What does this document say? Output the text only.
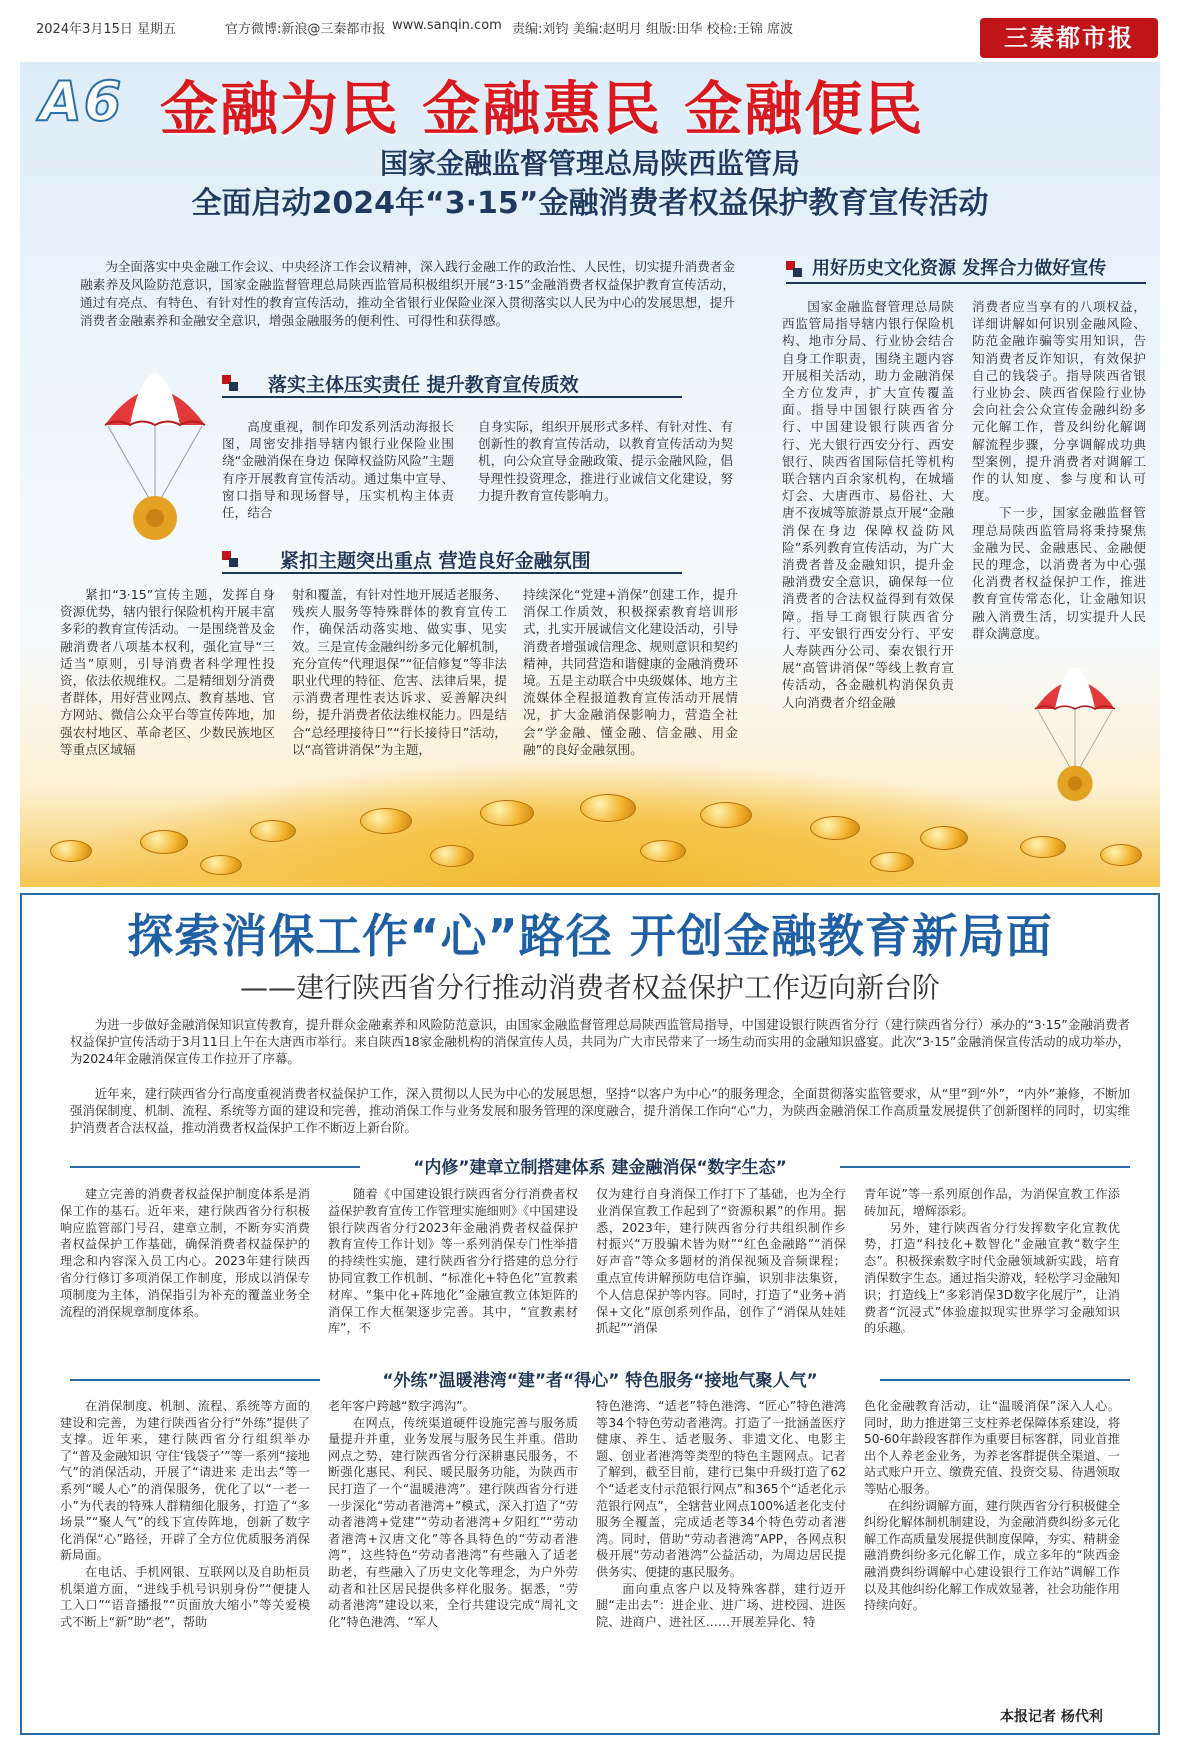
2024年3月15日 星期五	官方微博:新浪@三秦都市报 www.sanqin.com 责编:刘钧 美编:赵明月 组版:田华 校检:王锦 席波	三秦都市报
A6 金融为民 金融惠民 金融便民
国家金融监督管理总局陕西监管局
全面启动2024年“3·15”金融消费者权益保护教育宣传活动
为全面落实中央金融工作会议、中央经济工作会议精神，深入践行金融工作的政治性、人民性，切实提升消费者金融素养及风险防范意识，国家金融监督管理总局陕西监管局积极组织开展“3·15”金融消费者权益保护教育宣传活动，通过有亮点、有特色、有针对性的教育宣传活动，推动全省银行业保险业深入贯彻落实以人民为中心的发展思想，提升消费者金融素养和金融安全意识，增强金融服务的便利性、可得性和获得感。
落实主体压实责任 提升教育宣传质效
高度重视，制作印发系列活动海报长图，周密安排指导辖内银行业保险业围绕“金融消保在身边 保障权益防风险”主题有序开展教育宣传活动。通过集中宣导、窗口指导和现场督导，压实机构主体责任，结合
自身实际，组织开展形式多样、有针对性、有创新性的教育宣传活动，以教育宣传活动为契机，向公众宣导金融政策、提示金融风险，倡导理性投资理念，推进行业诚信文化建设，努力提升教育宣传影响力。
紧扣主题突出重点 营造良好金融氛围
紧扣“3·15”宣传主题，发挥自身资源优势，辖内银行保险机构开展丰富多彩的教育宣传活动。一是围绕普及金融消费者八项基本权利，强化宣导“三适当”原则，引导消费者科学理性投资，依法依规维权。二是精细划分消费者群体，用好营业网点、教育基地、官方网站、微信公众平台等宣传阵地，加强农村地区、革命老区、少数民族地区等重点区域辐
射和覆盖，有针对性地开展适老服务、残疾人服务等特殊群体的教育宣传工作，确保活动落实地、做实事、见实效。三是宣传金融纠纷多元化解机制，充分宣传“代理退保”“征信修复”等非法职业代理的特征、危害、法律后果，提示消费者理性表达诉求、妥善解决纠纷，提升消费者依法维权能力。四是结合“总经理接待日”“行长接待日”活动，以“高管讲消保”为主题，
持续深化“党建+消保”创建工作，提升消保工作质效，积极探索教育培训形式，扎实开展诚信文化建设活动，引导消费者增强诚信理念、规则意识和契约精神，共同营造和谐健康的金融消费环境。五是主动联合中央级媒体、地方主流媒体全程报道教育宣传活动开展情况，扩大金融消保影响力，营造全社会“学金融、懂金融、信金融、用金融”的良好金融氛围。
用好历史文化资源 发挥合力做好宣传
国家金融监督管理总局陕西监管局指导辖内银行保险机构、地市分局、行业协会结合自身工作职责，围绕主题内容开展相关活动，助力金融消保全方位发声，扩大宣传覆盖面。指导中国银行陕西省分行、中国建设银行陕西省分行、光大银行西安分行、西安银行、陕西省国际信托等机构联合辖内百余家机构，在城墙灯会、大唐西市、易俗社、大唐不夜城等旅游景点开展“金融消保在身边 保障权益防风险”系列教育宣传活动，为广大消费者普及金融知识，提升金融消费安全意识，确保每一位消费者的合法权益得到有效保障。指导工商银行陕西省分行、平安银行西安分行、平安人寿陕西分公司、秦农银行开展“高管讲消保”等线上教育宣传活动，各金融机构消保负责人向消费者介绍金融
消费者应当享有的八项权益，详细讲解如何识别金融风险、防范金融诈骗等实用知识，告知消费者反诈知识，有效保护自己的钱袋子。指导陕西省银行业协会、陕西省保险行业协会向社会公众宣传金融纠纷多元化解工作，普及纠纷化解调解流程步骤，分享调解成功典型案例，提升消费者对调解工作的认知度、参与度和认可度。
　　下一步，国家金融监督管理总局陕西监管局将秉持聚焦金融为民、金融惠民、金融便民的理念，以消费者为中心强化消费者权益保护工作，推进教育宣传常态化，让金融知识融入消费生活，切实提升人民群众满意度。
探索消保工作“心”路径 开创金融教育新局面
——建行陕西省分行推动消费者权益保护工作迈向新台阶
为进一步做好金融消保知识宣传教育，提升群众金融素养和风险防范意识，由国家金融监督管理总局陕西监管局指导，中国建设银行陕西省分行（建行陕西省分行）承办的“3·15”金融消费者权益保护宣传活动于3月11日上午在大唐西市举行。来自陕西18家金融机构的消保宣传人员，共同为广大市民带来了一场生动而实用的金融知识盛宴。此次“3·15”金融消保宣传活动的成功举办，为2024年金融消保宣传工作拉开了序幕。
近年来，建行陕西省分行高度重视消费者权益保护工作，深入贯彻以人民为中心的发展思想，坚持“以客户为中心”的服务理念，全面贯彻落实监管要求，从“里”到“外”，“内外”兼修，不断加强消保制度、机制、流程、系统等方面的建设和完善，推动消保工作与业务发展和服务管理的深度融合，提升消保工作向“心”力，为陕西金融消保工作高质量发展提供了创新图样的同时，切实维护消费者合法权益，推动消费者权益保护工作不断迈上新台阶。
“内修”建章立制搭建体系 建金融消保“数字生态”
　　建立完善的消费者权益保护制度体系是消保工作的基石。近年来，建行陕西省分行积极响应监管部门号召，建章立制，不断夯实消费者权益保护工作基础，确保消费者权益保护的理念和内容深入员工内心。2023年建行陕西省分行修订多项消保工作制度，形成以消保专项制度为主体，消保指引为补充的覆盖业务全流程的消保规章制度体系。
　　随着《中国建设银行陕西省分行消费者权益保护教育宣传工作管理实施细则》《中国建设银行陕西省分行2023年金融消费者权益保护教育宣传工作计划》等一系列消保专门性举措的持续性实施，建行陕西省分行搭建的总分行协同宣教工作机制、“标准化+特色化”宣教素材库、“集中化+阵地化”金融宣教立体矩阵的消保工作大框架逐步完善。其中，“宣教素材库”，不
仅为建行自身消保工作打下了基础，也为全行业消保宣教工作起到了“资源积累”的作用。据悉，2023年，建行陕西省分行共组织制作乡村振兴“万股骗术皆为财”“红色金融路”“消保好声音”等众多题材的消保视频及音频课程；重点宣传讲解预防电信诈骗，识别非法集资，个人信息保护等内容。同时，打造了“业务+消保+文化”原创系列作品，创作了“消保从娃娃抓起”“消保
青年说”等一系列原创作品，为消保宣教工作添砖加瓦，增辉添彩。
　　另外，建行陕西省分行发挥数字化宣教优势，打造“科技化+数智化”金融宣教“数字生态”。积极探索数字时代金融领域新实践，培育消保数字生态。通过指尖游戏，轻松学习金融知识；打造线上“多彩消保3D数字化展厅”，让消费者“沉浸式”体验虚拟现实世界学习金融知识的乐趣。
“外练”温暖港湾“建”者“得心” 特色服务“接地气聚人气”
　　在消保制度、机制、流程、系统等方面的建设和完善，为建行陕西省分行“外练”提供了支撑。近年来，建行陕西省分行组织举办了“普及金融知识 守住‘钱袋子’”等一系列“接地气”的消保活动，开展了“请进来 走出去”等一系列“暖人心”的消保服务，优化了以“一老一小”为代表的特殊人群精细化服务，打造了“多场景”“聚人气”的线下宣传阵地，创新了数字化消保“心”路径，开辟了全方位优质服务消保新局面。
　　在电话、手机网银、互联网以及自助柜员机渠道方面，“进线手机号识别身份”“便捷人工入口”“语音播报”“页面放大缩小”等关爱模式不断上“新”助“老”，帮助
老年客户跨越“数字鸿沟”。
　　在网点，传统渠道硬件设施完善与服务质量提升并重，业务发展与服务民生并重。借助网点之势，建行陕西省分行深耕惠民服务，不断强化惠民、利民、暖民服务功能，为陕西市民打造了一个“温暖港湾”。建行陕西省分行进一步深化“劳动者港湾+”模式，深入打造了“劳动者港湾+党建”“劳动者港湾+夕阳红”“劳动者港湾+汉唐文化”等各具特色的“劳动者港湾”，这些特色“劳动者港湾”有些融入了适老助老，有些融入了历史文化等理念，为户外劳动者和社区居民提供多样化服务。据悉，“劳动者港湾”建设以来，全行共建设完成“周礼文化”特色港湾、“军人
特色港湾、“适老”特色港湾、“匠心”特色港湾等34个特色劳动者港湾。打造了一批涵盖医疗健康、养生、适老服务、非遗文化、电影主题、创业者港湾等类型的特色主题网点。记者了解到，截至目前，建行已集中升级打造了62个“适老支付示范银行网点”和365个“适老化示范银行网点”，全辖营业网点100%适老化支付服务全覆盖，完成适老等34个特色劳动者港湾。同时，借助“劳动者港湾”APP，各网点积极开展“劳动者港湾”公益活动，为周边居民提供务实、便捷的惠民服务。
　　面向重点客户以及特殊客群，建行迈开腿“走出去”：进企业、进广场、进校园、进医院、进商户、进社区……开展差异化、特
色化金融教育活动，让“温暖消保”深入人心。同时，助力推进第三支柱养老保障体系建设，将50-60年龄段客群作为重要目标客群，同业首推出个人养老金业务，为养老客群提供全渠道、一站式账户开立、缴费充值、投资交易、待遇领取等贴心服务。
　　在纠纷调解方面，建行陕西省分行积极健全纠纷化解体制机制建设，为金融消费纠纷多元化解工作高质量发展提供制度保障，夯实、精耕金融消费纠纷多元化解工作，成立多年的“陕西金融消费纠纷调解中心建设银行工作站”调解工作以及其他纠纷化解工作成效显著，社会功能作用持续向好。
本报记者 杨代利
